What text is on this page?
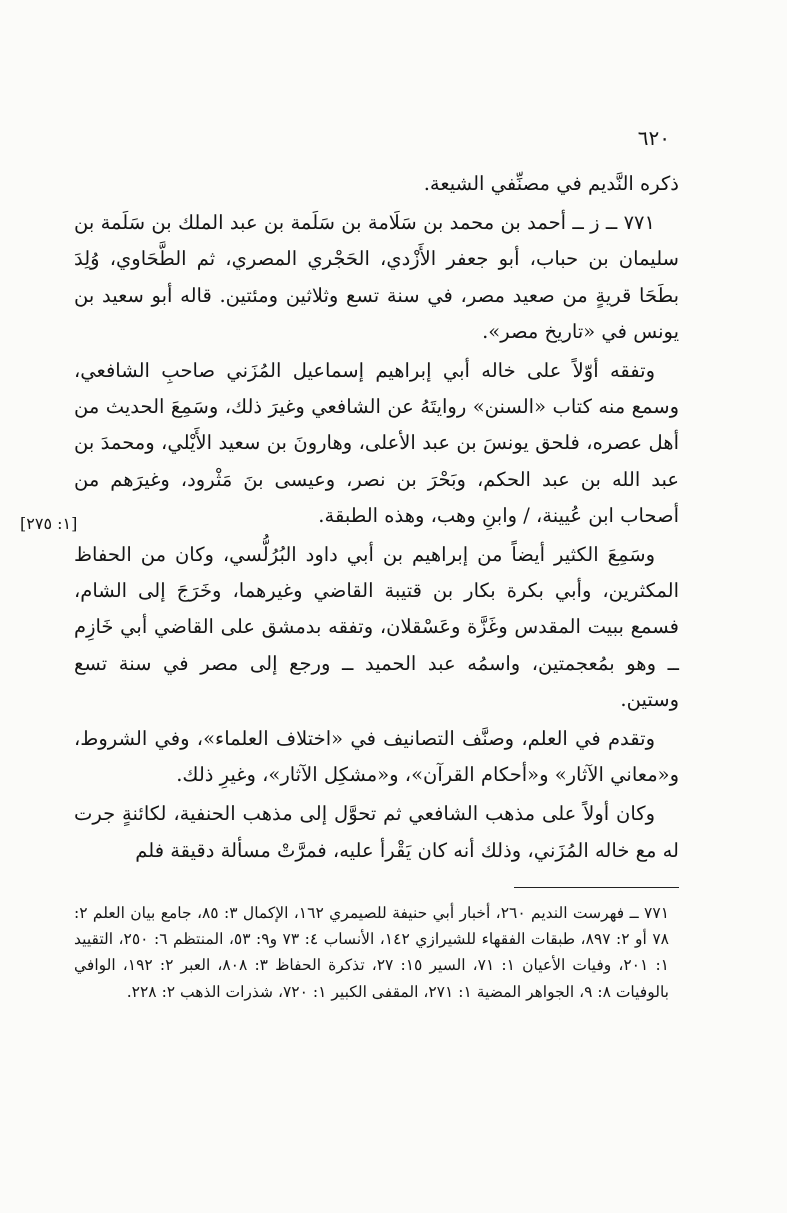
٦٢٠

ذكره النَّديم في مصنِّفي الشيعة.

٧٧١ ــ ز ــ أحمد بن محمد بن سَلَامة بن سَلَمة بن عبد الملك بن سَلَمة بن سليمان بن حباب، أبو جعفر الأَزْدي، الحَجْري المصري، ثم الطَّحَاوي، وُلِدَ بطَحَا قريةٍ من صعيد مصر، في سنة تسع وثلاثين ومئتين. قاله أبو سعيد بن يونس في «تاريخ مصر».

وتفقه أوّلاً على خاله أبي إبراهيم إسماعيل المُزَني صاحبِ الشافعي، وسمع منه كتاب «السنن» روايتَهُ عن الشافعي وغيرَ ذلك، وسَمِعَ الحديث من أهل عصره، فلحق يونسَ بن عبد الأعلى، وهارونَ بن سعيد الأَيْلي، ومحمدَ بن عبد الله بن عبد الحكم، وبَحْرَ بن نصر، وعيسى بنَ مَثْرود، وغيرَهم من أصحاب ابن عُيينة، / وابنِ وهب، وهذه الطبقة.

وسَمِعَ الكثير أيضاً من إبراهيم بن أبي داود البُرُلُّسي، وكان من الحفاظ المكثرين، وأبي بكرة بكار بن قتيبة القاضي وغيرهما، وخَرَجَ إلى الشام، فسمع ببيت المقدس وغَزَّة وعَسْقلان، وتفقه بدمشق على القاضي أبي خَازِم ــ وهو بمُعجمتين، واسمُه عبد الحميد ــ ورجع إلى مصر في سنة تسع وستين.

وتقدم في العلم، وصنَّف التصانيف في «اختلاف العلماء»، وفي الشروط، و«معاني الآثار» و«أحكام القرآن»، و«مشكِل الآثار»، وغيرِ ذلك.

وكان أولاً على مذهب الشافعي ثم تحوَّل إلى مذهب الحنفية، لكائنةٍ جرت له مع خاله المُزَني، وذلك أنه كان يَقْرأ عليه، فمرَّتْ مسألة دقيقة فلم

[١: ٢٧٥]

٧٧١ ــ فهرست النديم ٢٦٠، أخبار أبي حنيفة للصيمري ١٦٢، الإكمال ٣: ٨٥، جامع بيان العلم ٢: ٧٨ أو ٢: ٨٩٧، طبقات الفقهاء للشيرازي ١٤٢، الأنساب ٤: ٧٣ و٩: ٥٣، المنتظم ٦: ٢٥٠، التقييد ١: ٢٠١، وفيات الأعيان ١: ٧١، السير ١٥: ٢٧، تذكرة الحفاظ ٣: ٨٠٨، العبر ٢: ١٩٢، الوافي بالوفيات ٨: ٩، الجواهر المضية ١: ٢٧١، المقفى الكبير ١: ٧٢٠، شذرات الذهب ٢: ٢٢٨.
